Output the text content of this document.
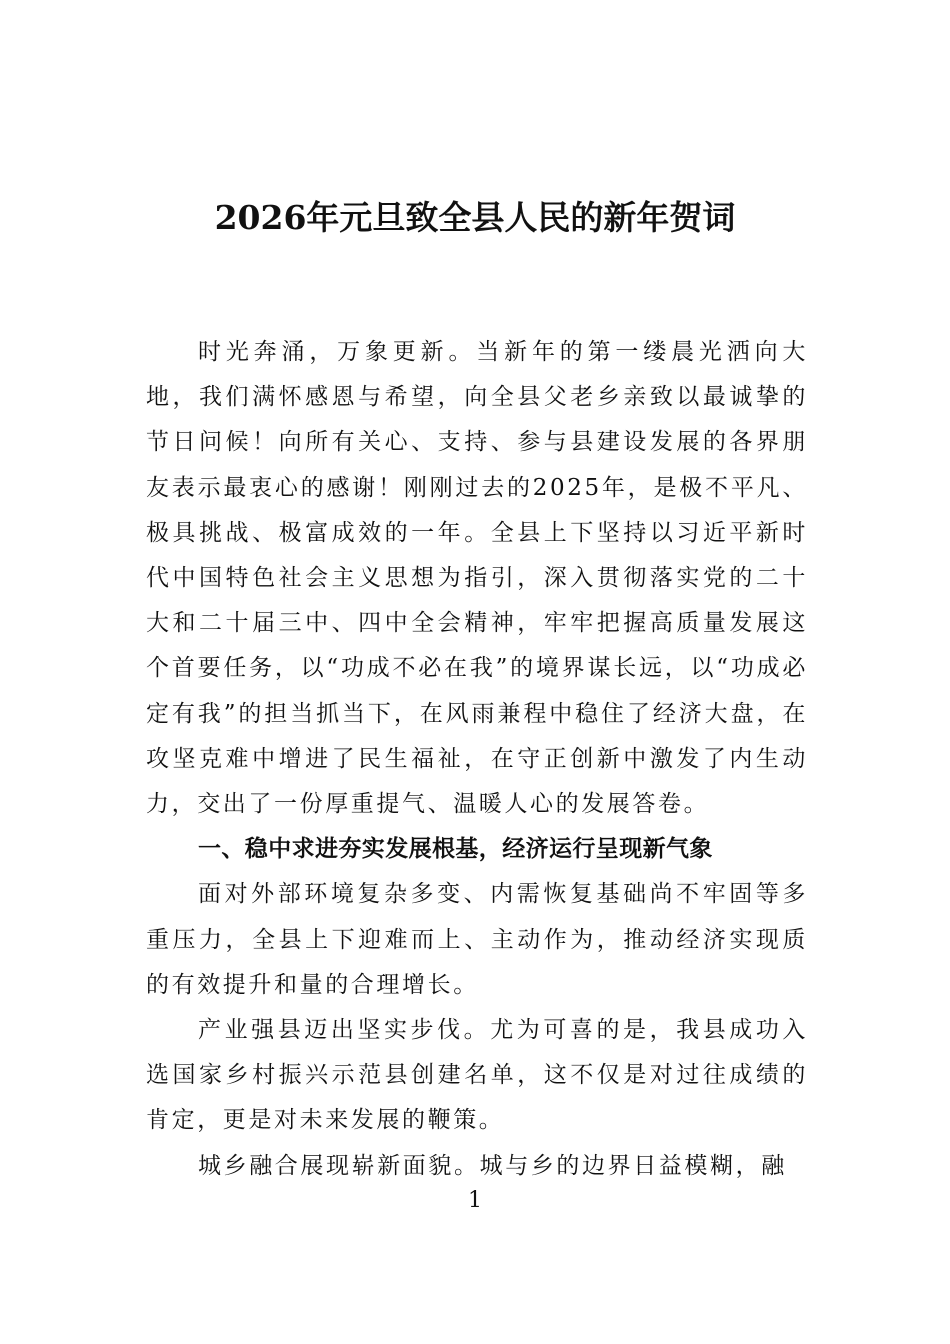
2026年元旦致全县人民的新年贺词

时光奔涌，万象更新。当新年的第一缕晨光洒向大地，我们满怀感恩与希望，向全县父老乡亲致以最诚挚的节日问候！向所有关心、支持、参与县建设发展的各界朋友表示最衷心的感谢！刚刚过去的2025年，是极不平凡、极具挑战、极富成效的一年。全县上下坚持以习近平新时代中国特色社会主义思想为指引，深入贯彻落实党的二十大和二十届三中、四中全会精神，牢牢把握高质量发展这个首要任务，以“功成不必在我”的境界谋长远，以“功成必定有我”的担当抓当下，在风雨兼程中稳住了经济大盘，在攻坚克难中增进了民生福祉，在守正创新中激发了内生动力，交出了一份厚重提气、温暖人心的发展答卷。

一、稳中求进夯实发展根基，经济运行呈现新气象

面对外部环境复杂多变、内需恢复基础尚不牢固等多重压力，全县上下迎难而上、主动作为，推动经济实现质的有效提升和量的合理增长。

产业强县迈出坚实步伐。尤为可喜的是，我县成功入选国家乡村振兴示范县创建名单，这不仅是对过往成绩的肯定，更是对未来发展的鞭策。

城乡融合展现崭新面貌。城与乡的边界日益模糊，融

1
